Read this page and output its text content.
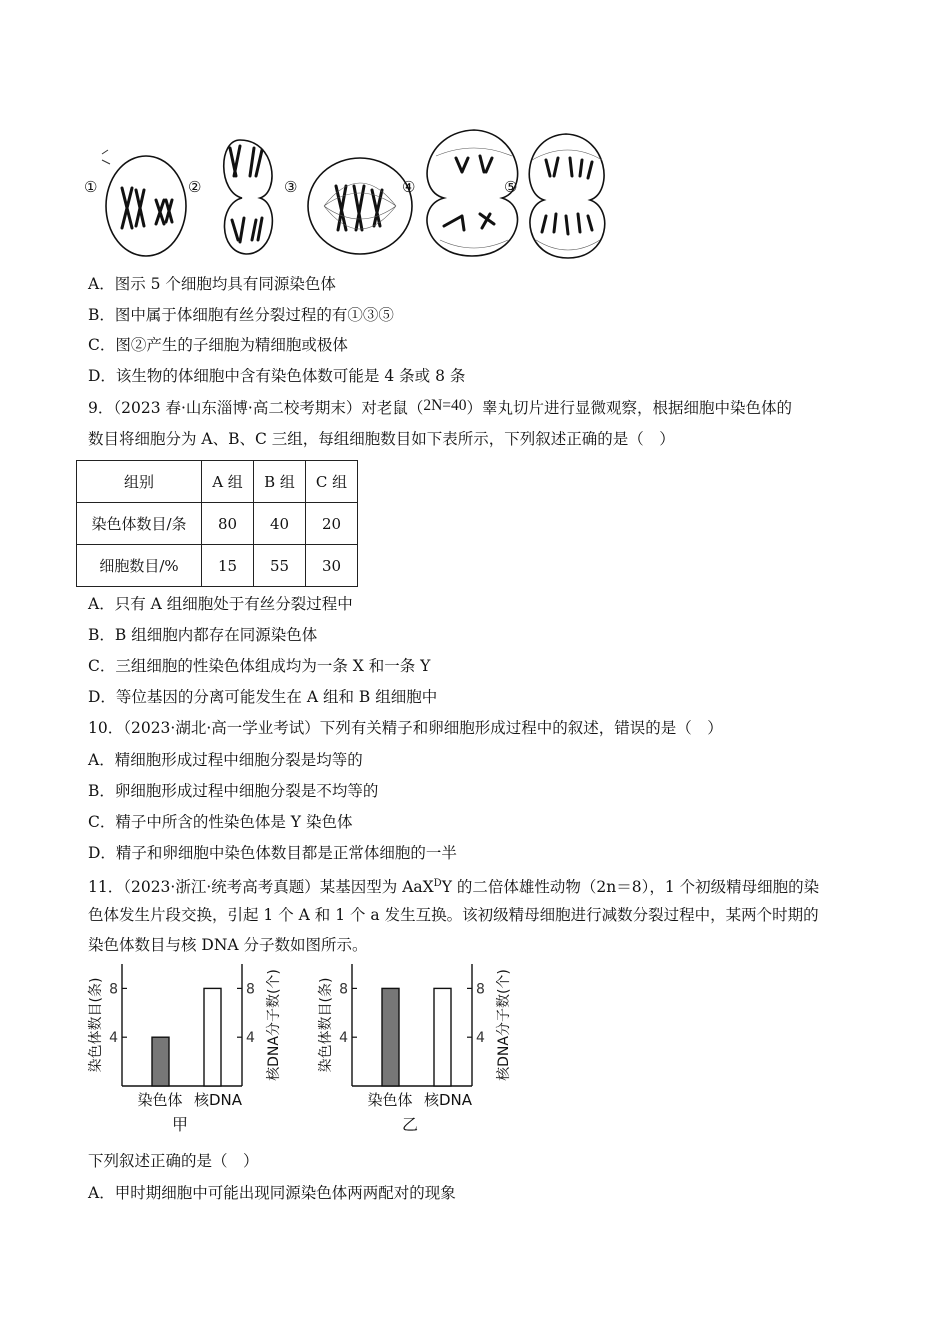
①	②	③	④	⑤
A．图示 5 个细胞均具有同源染色体
B．图中属于体细胞有丝分裂过程的有①③⑤
C．图②产生的子细胞为精细胞或极体
D．该生物的体细胞中含有染色体数可能是 4 条或 8 条
9．（2023 春·山东淄博·高二校考期末）对老鼠（2N=40）睾丸切片进行显微观察，根据细胞中染色体的
数目将细胞分为 A、B、C 三组，每组细胞数目如下表所示，下列叙述正确的是（　）
组别	A 组	B 组	C 组
染色体数目/条	80	40	20
细胞数目/%	15	55	30
A．只有 A 组细胞处于有丝分裂过程中
B．B 组细胞内都存在同源染色体
C．三组细胞的性染色体组成均为一条 X 和一条 Y
D．等位基因的分离可能发生在 A 组和 B 组细胞中
10．（2023·湖北·高一学业考试）下列有关精子和卵细胞形成过程中的叙述，错误的是（　）
A．精细胞形成过程中细胞分裂是均等的
B．卵细胞形成过程中细胞分裂是不均等的
C．精子中所含的性染色体是 Y 染色体
D．精子和卵细胞中染色体数目都是正常体细胞的一半
11．（2023·浙江·统考高考真题）某基因型为 AaX$^D$Y 的二倍体雄性动物（2n＝8），1 个初级精母细胞的染
色体发生片段交换，引起 1 个 A 和 1 个 a 发生互换。该初级精母细胞进行减数分裂过程中，某两个时期的
染色体数目与核 DNA 分子数如图所示。
4	4
8	8
染色体 核DNA
甲
染色体数目(条)	核DNA分子数(个)	4	4
8	8
染色体 核DNA
乙
染色体数目(条)	核DNA分子数(个)
下列叙述正确的是（　）
A．甲时期细胞中可能出现同源染色体两两配对的现象
